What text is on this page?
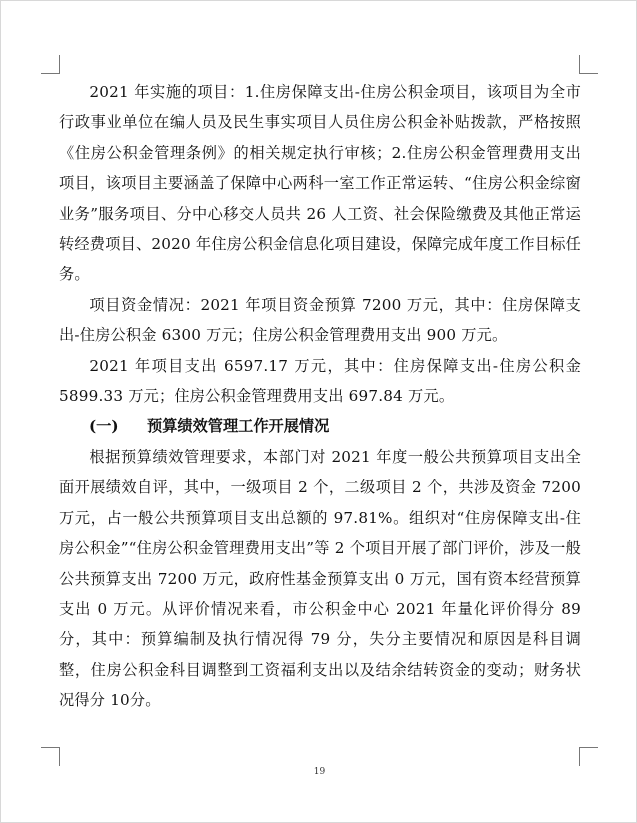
2021 年实施的项目：1.住房保障支出-住房公积金项目，该项目为全市行政事业单位在编人员及民生事实项目人员住房公积金补贴拨款，严格按照《住房公积金管理条例》的相关规定执行审核；2.住房公积金管理费用支出项目，该项目主要涵盖了保障中心两科一室工作正常运转、“住房公积金综窗业务”服务项目、分中心移交人员共 26 人工资、社会保险缴费及其他正常运转经费项目、2020 年住房公积金信息化项目建设，保障完成年度工作目标任务。

项目资金情况：2021 年项目资金预算 7200 万元，其中：住房保障支出-住房公积金 6300 万元；住房公积金管理费用支出 900 万元。

2021 年项目支出 6597.17 万元，其中：住房保障支出-住房公积金 5899.33 万元；住房公积金管理费用支出 697.84 万元。

(一) 预算绩效管理工作开展情况

根据预算绩效管理要求，本部门对 2021 年度一般公共预算项目支出全面开展绩效自评，其中，一级项目 2 个，二级项目 2 个，共涉及资金 7200 万元，占一般公共预算项目支出总额的 97.81%。组织对“住房保障支出-住房公积金”“住房公积金管理费用支出”等 2 个项目开展了部门评价，涉及一般公共预算支出 7200 万元，政府性基金预算支出 0 万元，国有资本经营预算支出 0 万元。从评价情况来看，市公积金中心 2021 年量化评价得分 89 分，其中：预算编制及执行情况得 79 分，失分主要情况和原因是科目调整，住房公积金科目调整到工资福利支出以及结余结转资金的变动；财务状况得分 10分。

19
